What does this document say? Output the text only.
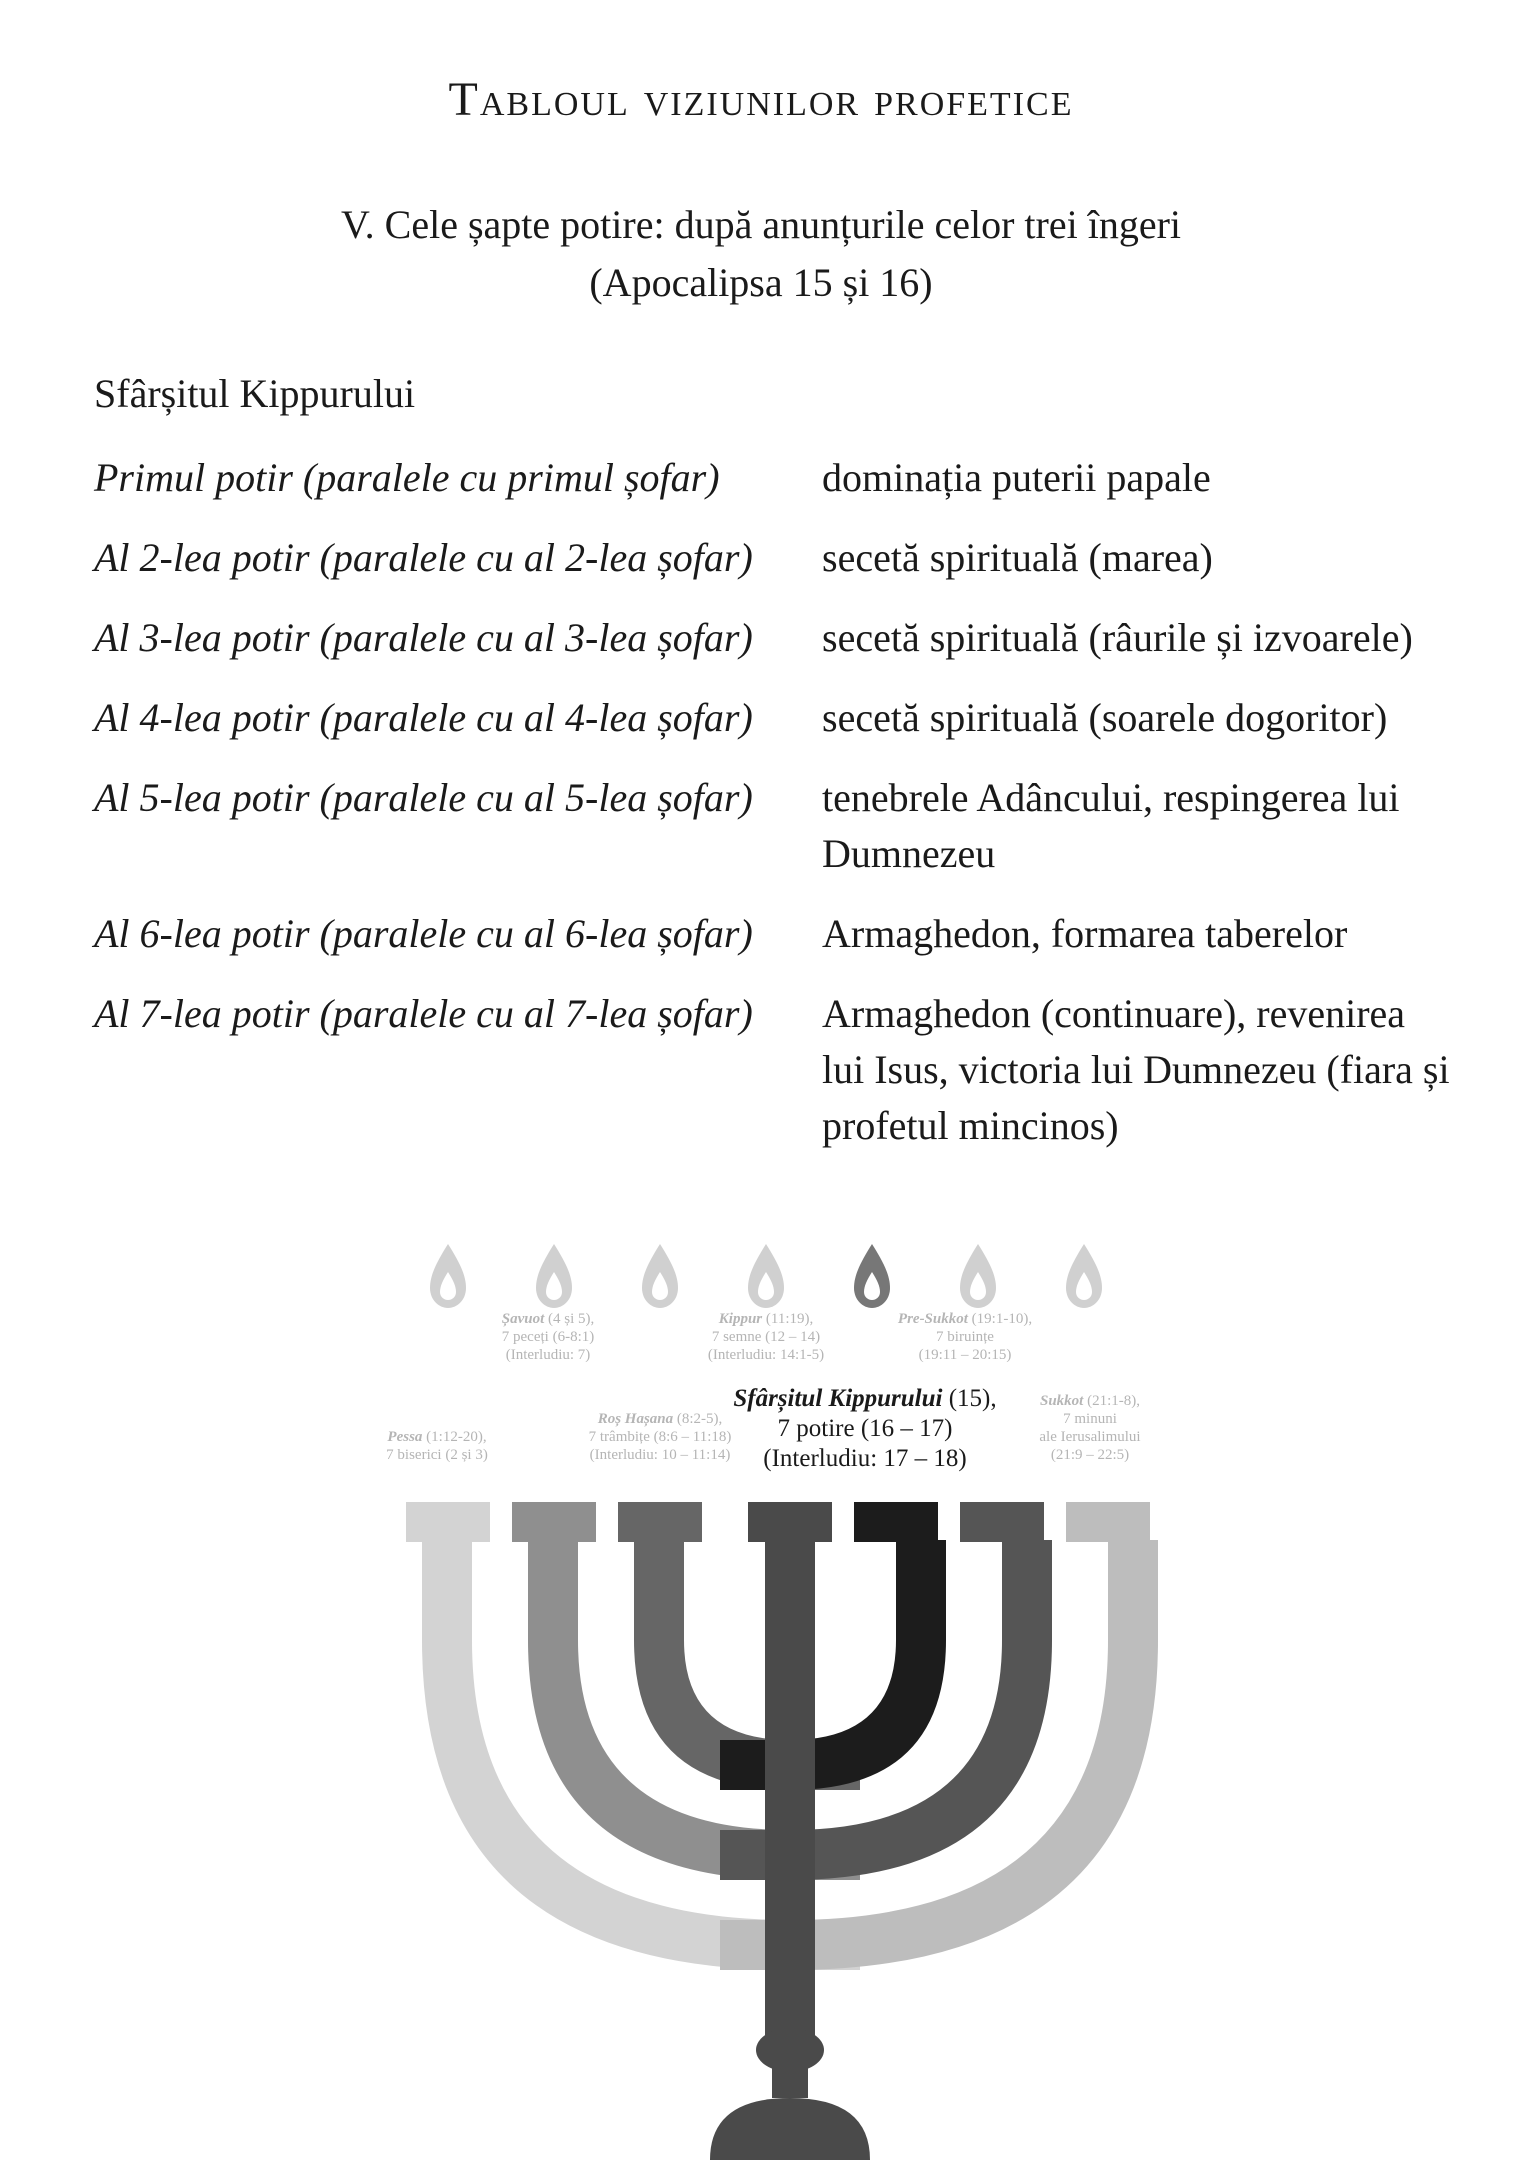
Tabloul viziunilor profetice
V. Cele șapte potire: după anunțurile celor trei îngeri
(Apocalipsa 15 și 16)
Sfârșitul Kippurului
Primul potir (paralele cu primul șofar)	dominația puterii papale
Al 2-lea potir (paralele cu al 2-lea șofar)	secetă spirituală (marea)
Al 3-lea potir (paralele cu al 3-lea șofar)	secetă spirituală (râurile și izvoarele)
Al 4-lea potir (paralele cu al 4-lea șofar)	secetă spirituală (soarele dogoritor)
Al 5-lea potir (paralele cu al 5-lea șofar)	tenebrele Adâncului, respingerea lui Dumnezeu
Al 6-lea potir (paralele cu al 6-lea șofar)	Armaghedon, formarea taberelor
Al 7-lea potir (paralele cu al 7-lea șofar)	Armaghedon (continuare), revenirea lui Isus, victoria lui Dumnezeu (fiara și profetul mincinos)
Pessa (1:12-20),
7 biserici (2 și 3)
Șavuot (4 și 5),
7 peceți (6-8:1)
(Interludiu: 7)
Roș Hașana (8:2-5),
7 trâmbițe (8:6 – 11:18)
(Interludiu: 10 – 11:14)
Kippur (11:19),
7 semne (12 – 14)
(Interludiu: 14:1-5)
Sfârșitul Kippurului (15),
7 potire (16 – 17)
(Interludiu: 17 – 18)
Pre-Sukkot (19:1-10),
7 biruințe
(19:11 – 20:15)
Sukkot (21:1-8),
7 minuni
ale Ierusalimului
(21:9 – 22:5)
